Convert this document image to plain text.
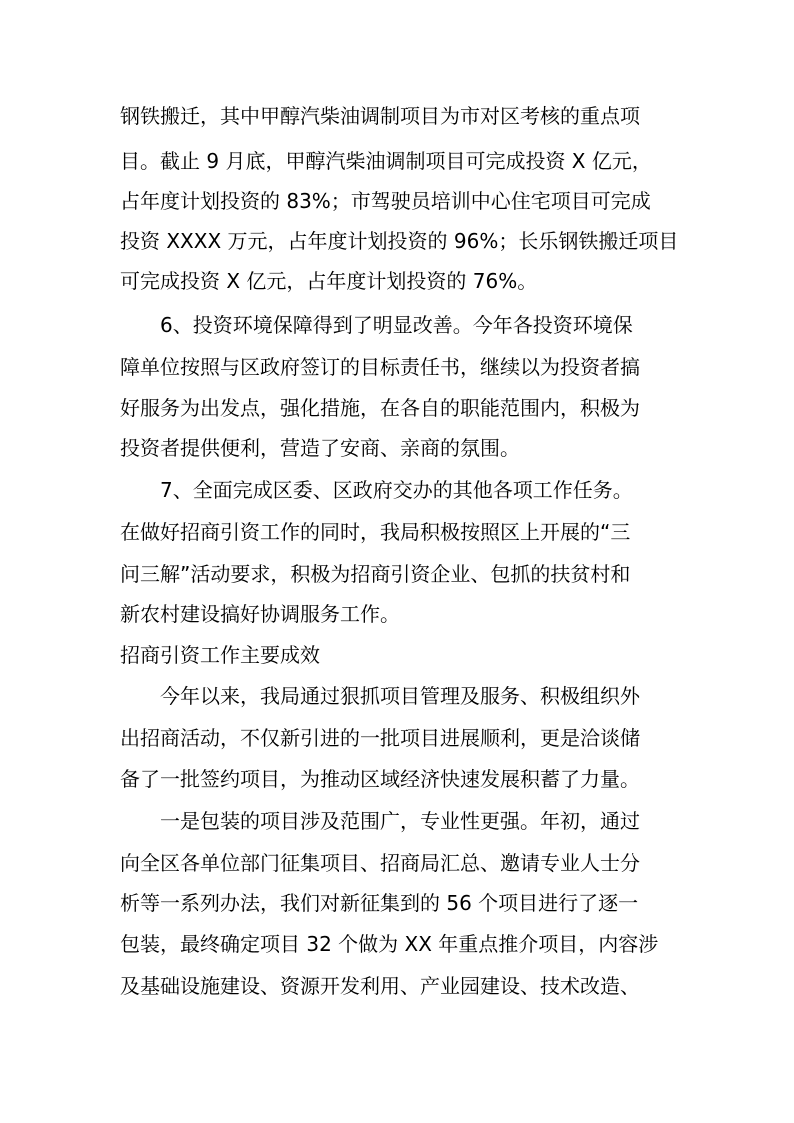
钢铁搬迁，其中甲醇汽柴油调制项目为市对区考核的重点项
目。截止 9 月底，甲醇汽柴油调制项目可完成投资 X 亿元，
占年度计划投资的 83%；市驾驶员培训中心住宅项目可完成
投资 XXXX 万元，占年度计划投资的 96%；长乐钢铁搬迁项目
可完成投资 X 亿元，占年度计划投资的 76%。
6、投资环境保障得到了明显改善。今年各投资环境保
障单位按照与区政府签订的目标责任书，继续以为投资者搞
好服务为出发点，强化措施，在各自的职能范围内，积极为
投资者提供便利，营造了安商、亲商的氛围。
7、全面完成区委、区政府交办的其他各项工作任务。
在做好招商引资工作的同时，我局积极按照区上开展的“三
问三解”活动要求，积极为招商引资企业、包抓的扶贫村和
新农村建设搞好协调服务工作。
招商引资工作主要成效
今年以来，我局通过狠抓项目管理及服务、积极组织外
出招商活动，不仅新引进的一批项目进展顺利，更是洽谈储
备了一批签约项目，为推动区域经济快速发展积蓄了力量。
一是包装的项目涉及范围广，专业性更强。年初，通过
向全区各单位部门征集项目、招商局汇总、邀请专业人士分
析等一系列办法，我们对新征集到的 56 个项目进行了逐一
包装，最终确定项目 32 个做为 XX 年重点推介项目，内容涉
及基础设施建设、资源开发利用、产业园建设、技术改造、
